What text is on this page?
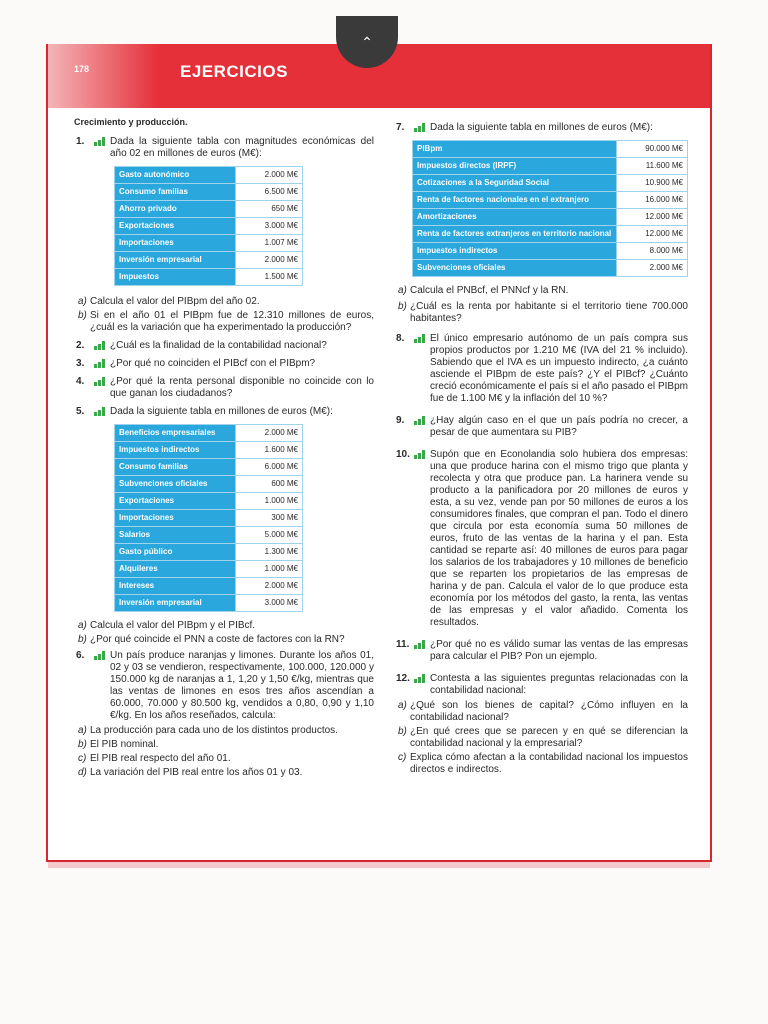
⌃
178	EJERCICIOS
Crecimiento y producción.
1.	Dada la siguiente tabla con magnitudes económicas del año 02 en millones de euros (M€):
Gasto autonómico	2.000 M€
Consumo familias	6.500 M€
Ahorro privado	650 M€
Exportaciones	3.000 M€
Importaciones	1.007 M€
Inversión empresarial	2.000 M€
Impuestos	1.500 M€
a) Calcula el valor del PIBpm del año 02.
b) Si en el año 01 el PIBpm fue de 12.310 millones de euros, ¿cuál es la variación que ha experimentado la producción?
2.	¿Cuál es la finalidad de la contabilidad nacional?
3.	¿Por qué no coinciden el PIBcf con el PIBpm?
4.	¿Por qué la renta personal disponible no coincide con lo que ganan los ciudadanos?
5.	Dada la siguiente tabla en millones de euros (M€):
Beneficios empresariales	2.000 M€
Impuestos indirectos	1.600 M€
Consumo familias	6.000 M€
Subvenciones oficiales	600 M€
Exportaciones	1.000 M€
Importaciones	300 M€
Salarios	5.000 M€
Gasto público	1.300 M€
Alquileres	1.000 M€
Intereses	2.000 M€
Inversión empresarial	3.000 M€
a) Calcula el valor del PIBpm y el PIBcf.
b) ¿Por qué coincide el PNN a coste de factores con la RN?
6.	Un país produce naranjas y limones. Durante los años 01, 02 y 03 se vendieron, respectivamente, 100.000, 120.000 y 150.000 kg de naranjas a 1, 1,20 y 1,50 €/kg, mientras que las ventas de limones en esos tres años ascendían a 60.000, 70.000 y 80.500 kg, vendidos a 0,80, 0,90 y 1,10 €/kg. En los años reseñados, calcula:
a) La producción para cada uno de los distintos productos.
b) El PIB nominal.
c) El PIB real respecto del año 01.
d) La variación del PIB real entre los años 01 y 03.
7.	Dada la siguiente tabla en millones de euros (M€):
PIBpm	90.000 M€
Impuestos directos (IRPF)	11.600 M€
Cotizaciones a la Seguridad Social	10.900 M€
Renta de factores nacionales en el extranjero	16.000 M€
Amortizaciones	12.000 M€
Renta de factores extranjeros en territorio nacional	12.000 M€
Impuestos indirectos	8.000 M€
Subvenciones oficiales	2.000 M€
a) Calcula el PNBcf, el PNNcf y la RN.
b) ¿Cuál es la renta por habitante si el territorio tiene 700.000 habitantes?
8.	El único empresario autónomo de un país compra sus propios productos por 1.210 M€ (IVA del 21 % incluido). Sabiendo que el IVA es un impuesto indirecto, ¿a cuánto asciende el PIBpm de este país? ¿Y el PIBcf? ¿Cuánto creció económicamente el país si el año pasado el PIBpm fue de 1.100 M€ y la inflación del 10 %?
9.	¿Hay algún caso en el que un país podría no crecer, a pesar de que aumentara su PIB?
10. Supón que en Econolandia solo hubiera dos empresas: una que produce harina con el mismo trigo que planta y recolecta y otra que produce pan. La harinera vende su producto a la panificadora por 20 millones de euros y esta, a su vez, vende pan por 50 millones de euros a los consumidores finales, que compran el pan. Todo el dinero que circula por esta economía suma 50 millones de euros, fruto de las ventas de la harina y el pan. Esta cantidad se reparte así: 40 millones de euros para pagar los salarios de los trabajadores y 10 millones de beneficio que se reparten los propietarios de las empresas de harina y de pan. Calcula el valor de lo que produce esta economía por los métodos del gasto, la renta, las ventas de las empresas y el valor añadido. Comenta los resultados.
11. ¿Por qué no es válido sumar las ventas de las empresas para calcular el PIB? Pon un ejemplo.
12. Contesta a las siguientes preguntas relacionadas con la contabilidad nacional:
a) ¿Qué son los bienes de capital? ¿Cómo influyen en la contabilidad nacional?
b) ¿En qué crees que se parecen y en qué se diferencian la contabilidad nacional y la empresarial?
c) Explica cómo afectan a la contabilidad nacional los impuestos directos e indirectos.
